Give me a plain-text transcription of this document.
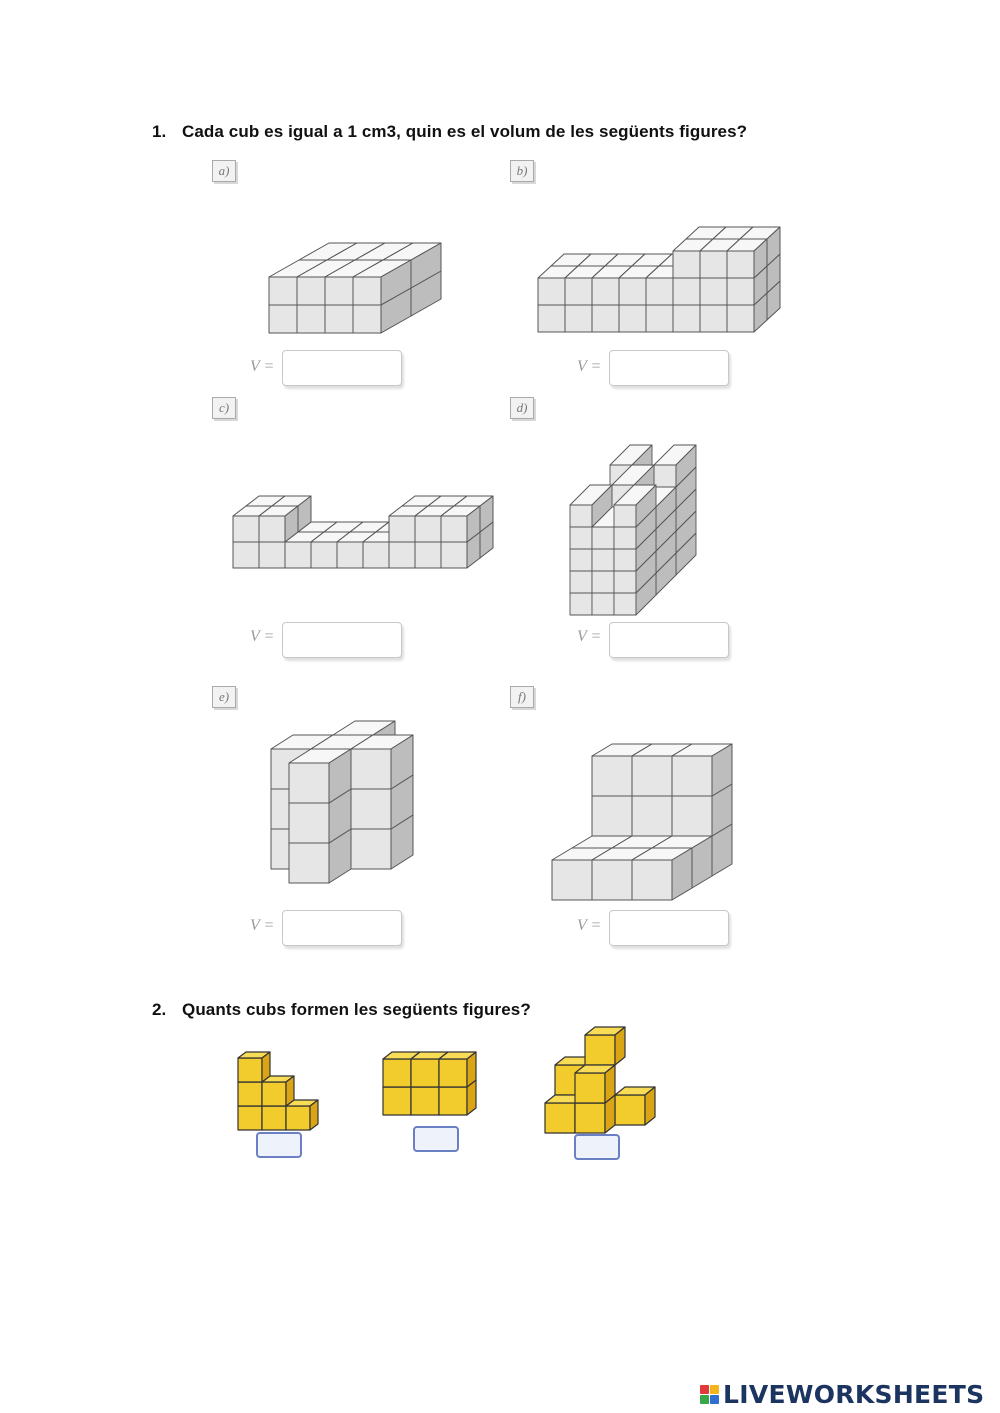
1. Cada cub es igual a 1 cm3, quin es el volum de les següents figures?
a)	b)
c)	d)
e)	f)
V =	V =
V =	V =
V =	V =
2. Quants cubs formen les següents figures?
LIVEWORKSHEETS
